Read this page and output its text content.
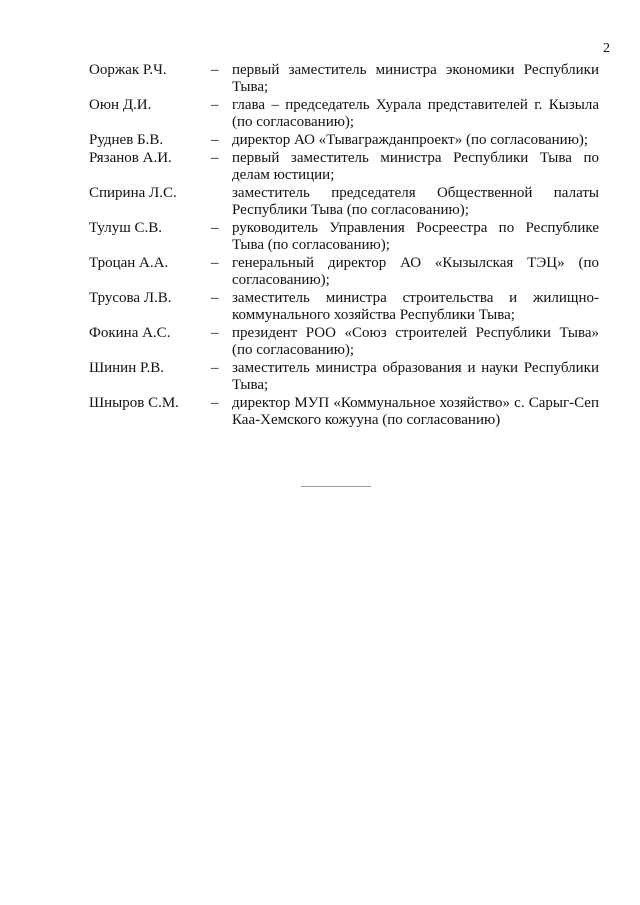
2
Ооржак Р.Ч.	– первый заместитель министра экономики Республики Тыва;
Оюн Д.И.	– глава – председатель Хурала представителей г. Кызыла (по согласованию);
Руднев Б.В.	– директор АО «Тывагражданпроект» (по согласованию);
Рязанов А.И.	– первый заместитель министра Республики Тыва по делам юстиции;
Спирина Л.С.	заместитель председателя Общественной палаты Республики Тыва (по согласованию);
Тулуш С.В.	– руководитель Управления Росреестра по Республике Тыва (по согласованию);
Троцан А.А.	– генеральный директор АО «Кызылская ТЭЦ» (по согласованию);
Трусова Л.В.	– заместитель министра строительства и жилищно-коммунального хозяйства Республики Тыва;
Фокина А.С.	– президент РОО «Союз строителей Республики Тыва» (по согласованию);
Шинин Р.В.	– заместитель министра образования и науки Республики Тыва;
Шныров С.М.	– директор МУП «Коммунальное хозяйство» с. Сарыг-Сеп Каа-Хемского кожууна (по согласованию)
